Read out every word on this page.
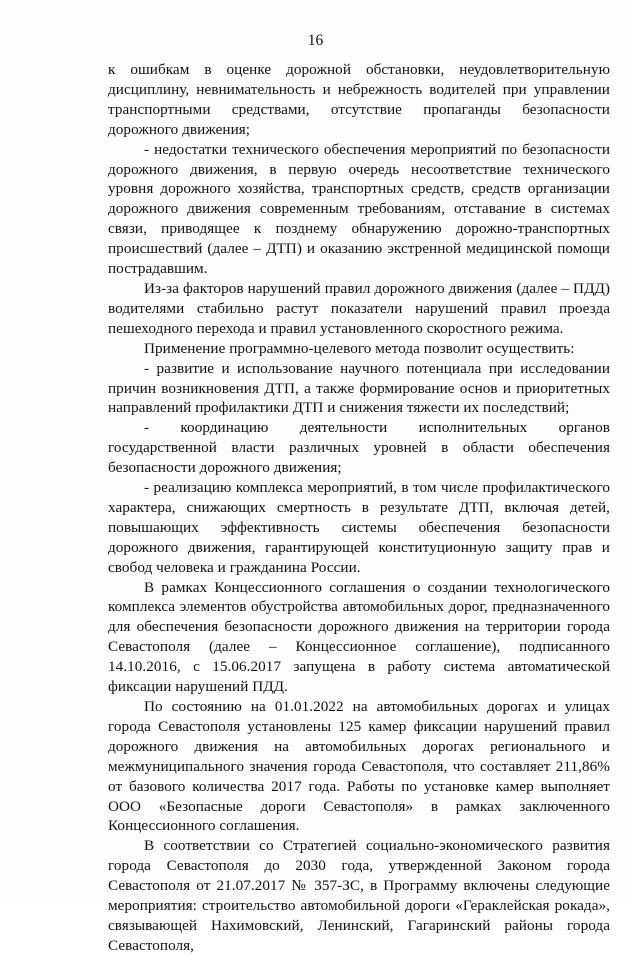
16

к ошибкам в оценке дорожной обстановки, неудовлетворительную дисциплину, невнимательность и небрежность водителей при управлении транспортными средствами, отсутствие пропаганды безопасности дорожного движения;

- недостатки технического обеспечения мероприятий по безопасности дорожного движения, в первую очередь несоответствие технического уровня дорожного хозяйства, транспортных средств, средств организации дорожного движения современным требованиям, отставание в системах связи, приводящее к позднему обнаружению дорожно-транспортных происшествий (далее – ДТП) и оказанию экстренной медицинской помощи пострадавшим.

Из-за факторов нарушений правил дорожного движения (далее – ПДД) водителями стабильно растут показатели нарушений правил проезда пешеходного перехода и правил установленного скоростного режима.

Применение программно-целевого метода позволит осуществить:

- развитие и использование научного потенциала при исследовании причин возникновения ДТП, а также формирование основ и приоритетных направлений профилактики ДТП и снижения тяжести их последствий;

- координацию деятельности исполнительных органов государственной власти различных уровней в области обеспечения безопасности дорожного движения;

- реализацию комплекса мероприятий, в том числе профилактического характера, снижающих смертность в результате ДТП, включая детей, повышающих эффективность системы обеспечения безопасности дорожного движения, гарантирующей конституционную защиту прав и свобод человека и гражданина России.

В рамках Концессионного соглашения о создании технологического комплекса элементов обустройства автомобильных дорог, предназначенного для обеспечения безопасности дорожного движения на территории города Севастополя (далее – Концессионное соглашение), подписанного 14.10.2016, с 15.06.2017 запущена в работу система автоматической фиксации нарушений ПДД.

По состоянию на 01.01.2022 на автомобильных дорогах и улицах города Севастополя установлены 125 камер фиксации нарушений правил дорожного движения на автомобильных дорогах регионального и межмуниципального значения города Севастополя, что составляет 211,86% от базового количества 2017 года. Работы по установке камер выполняет ООО «Безопасные дороги Севастополя» в рамках заключенного Концессионного соглашения.

В соответствии со Стратегией социально-экономического развития города Севастополя до 2030 года, утвержденной Законом города Севастополя от 21.07.2017 № 357-ЗС, в Программу включены следующие мероприятия: строительство автомобильной дороги «Гераклейская рокада», связывающей Нахимовский, Ленинский, Гагаринский районы города Севастополя,
